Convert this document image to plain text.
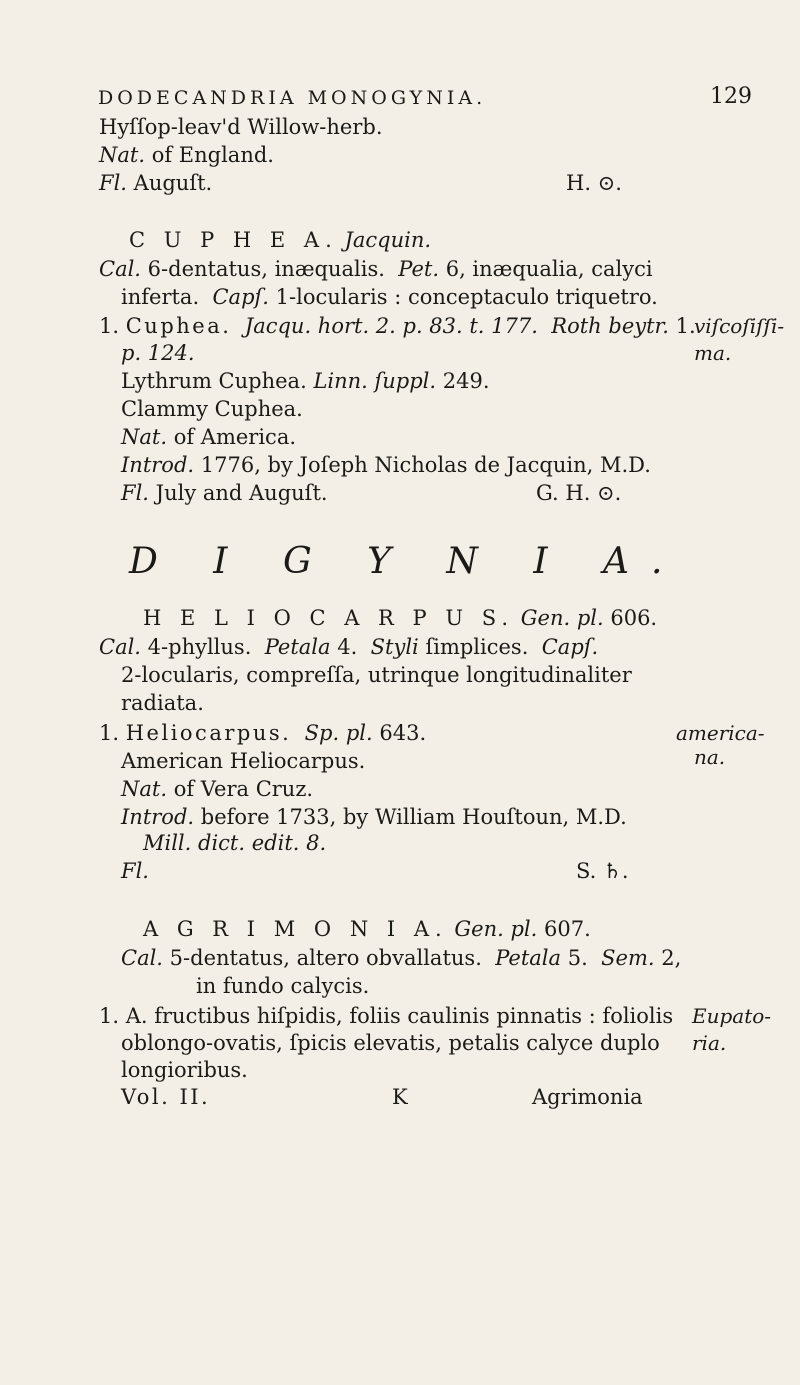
DODECANDRIA MONOGYNIA.	129
Hyſſop-leav'd Willow-herb.
Nat. of England.
Fl. Auguſt.	H. ⊙.
C U P H E A. Jacquin.
Cal. 6-dentatus, inæqualis. Pet. 6, inæqualia, calyci
inferta. Capſ. 1-locularis : conceptaculo triquetro.
1. Cuphea. Jacqu. hort. 2. p. 83. t. 177. Roth beytr. 1.
viſcoſiſſi-
p. 124.	ma.
Lythrum Cuphea. Linn. ſuppl. 249.
Clammy Cuphea.
Nat. of America.
Introd. 1776, by Joſeph Nicholas de Jacquin, M.D.
Fl. July and Auguſt.	G. H. ⊙.
D I G Y N I A.
H E L I O C A R P U S. Gen. pl. 606.
Cal. 4-phyllus. Petala 4. Styli ſimplices. Capſ.
2-locularis, compreſſa, utrinque longitudinaliter
radiata.
1. Heliocarpus. Sp. pl. 643.	america-
American Heliocarpus.	na.
Nat. of Vera Cruz.
Introd. before 1733, by William Houſtoun, M.D.
Mill. dict. edit. 8.
Fl.	S. ♄.
A G R I M O N I A. Gen. pl. 607.
Cal. 5-dentatus, altero obvallatus. Petala 5. Sem. 2,
in fundo calycis.
1. A. fructibus hiſpidis, foliis caulinis pinnatis : foliolis Eupato-
oblongo-ovatis, ſpicis elevatis, petalis calyce duplo ria.
longioribus.
Vol. II.	K	Agrimonia
